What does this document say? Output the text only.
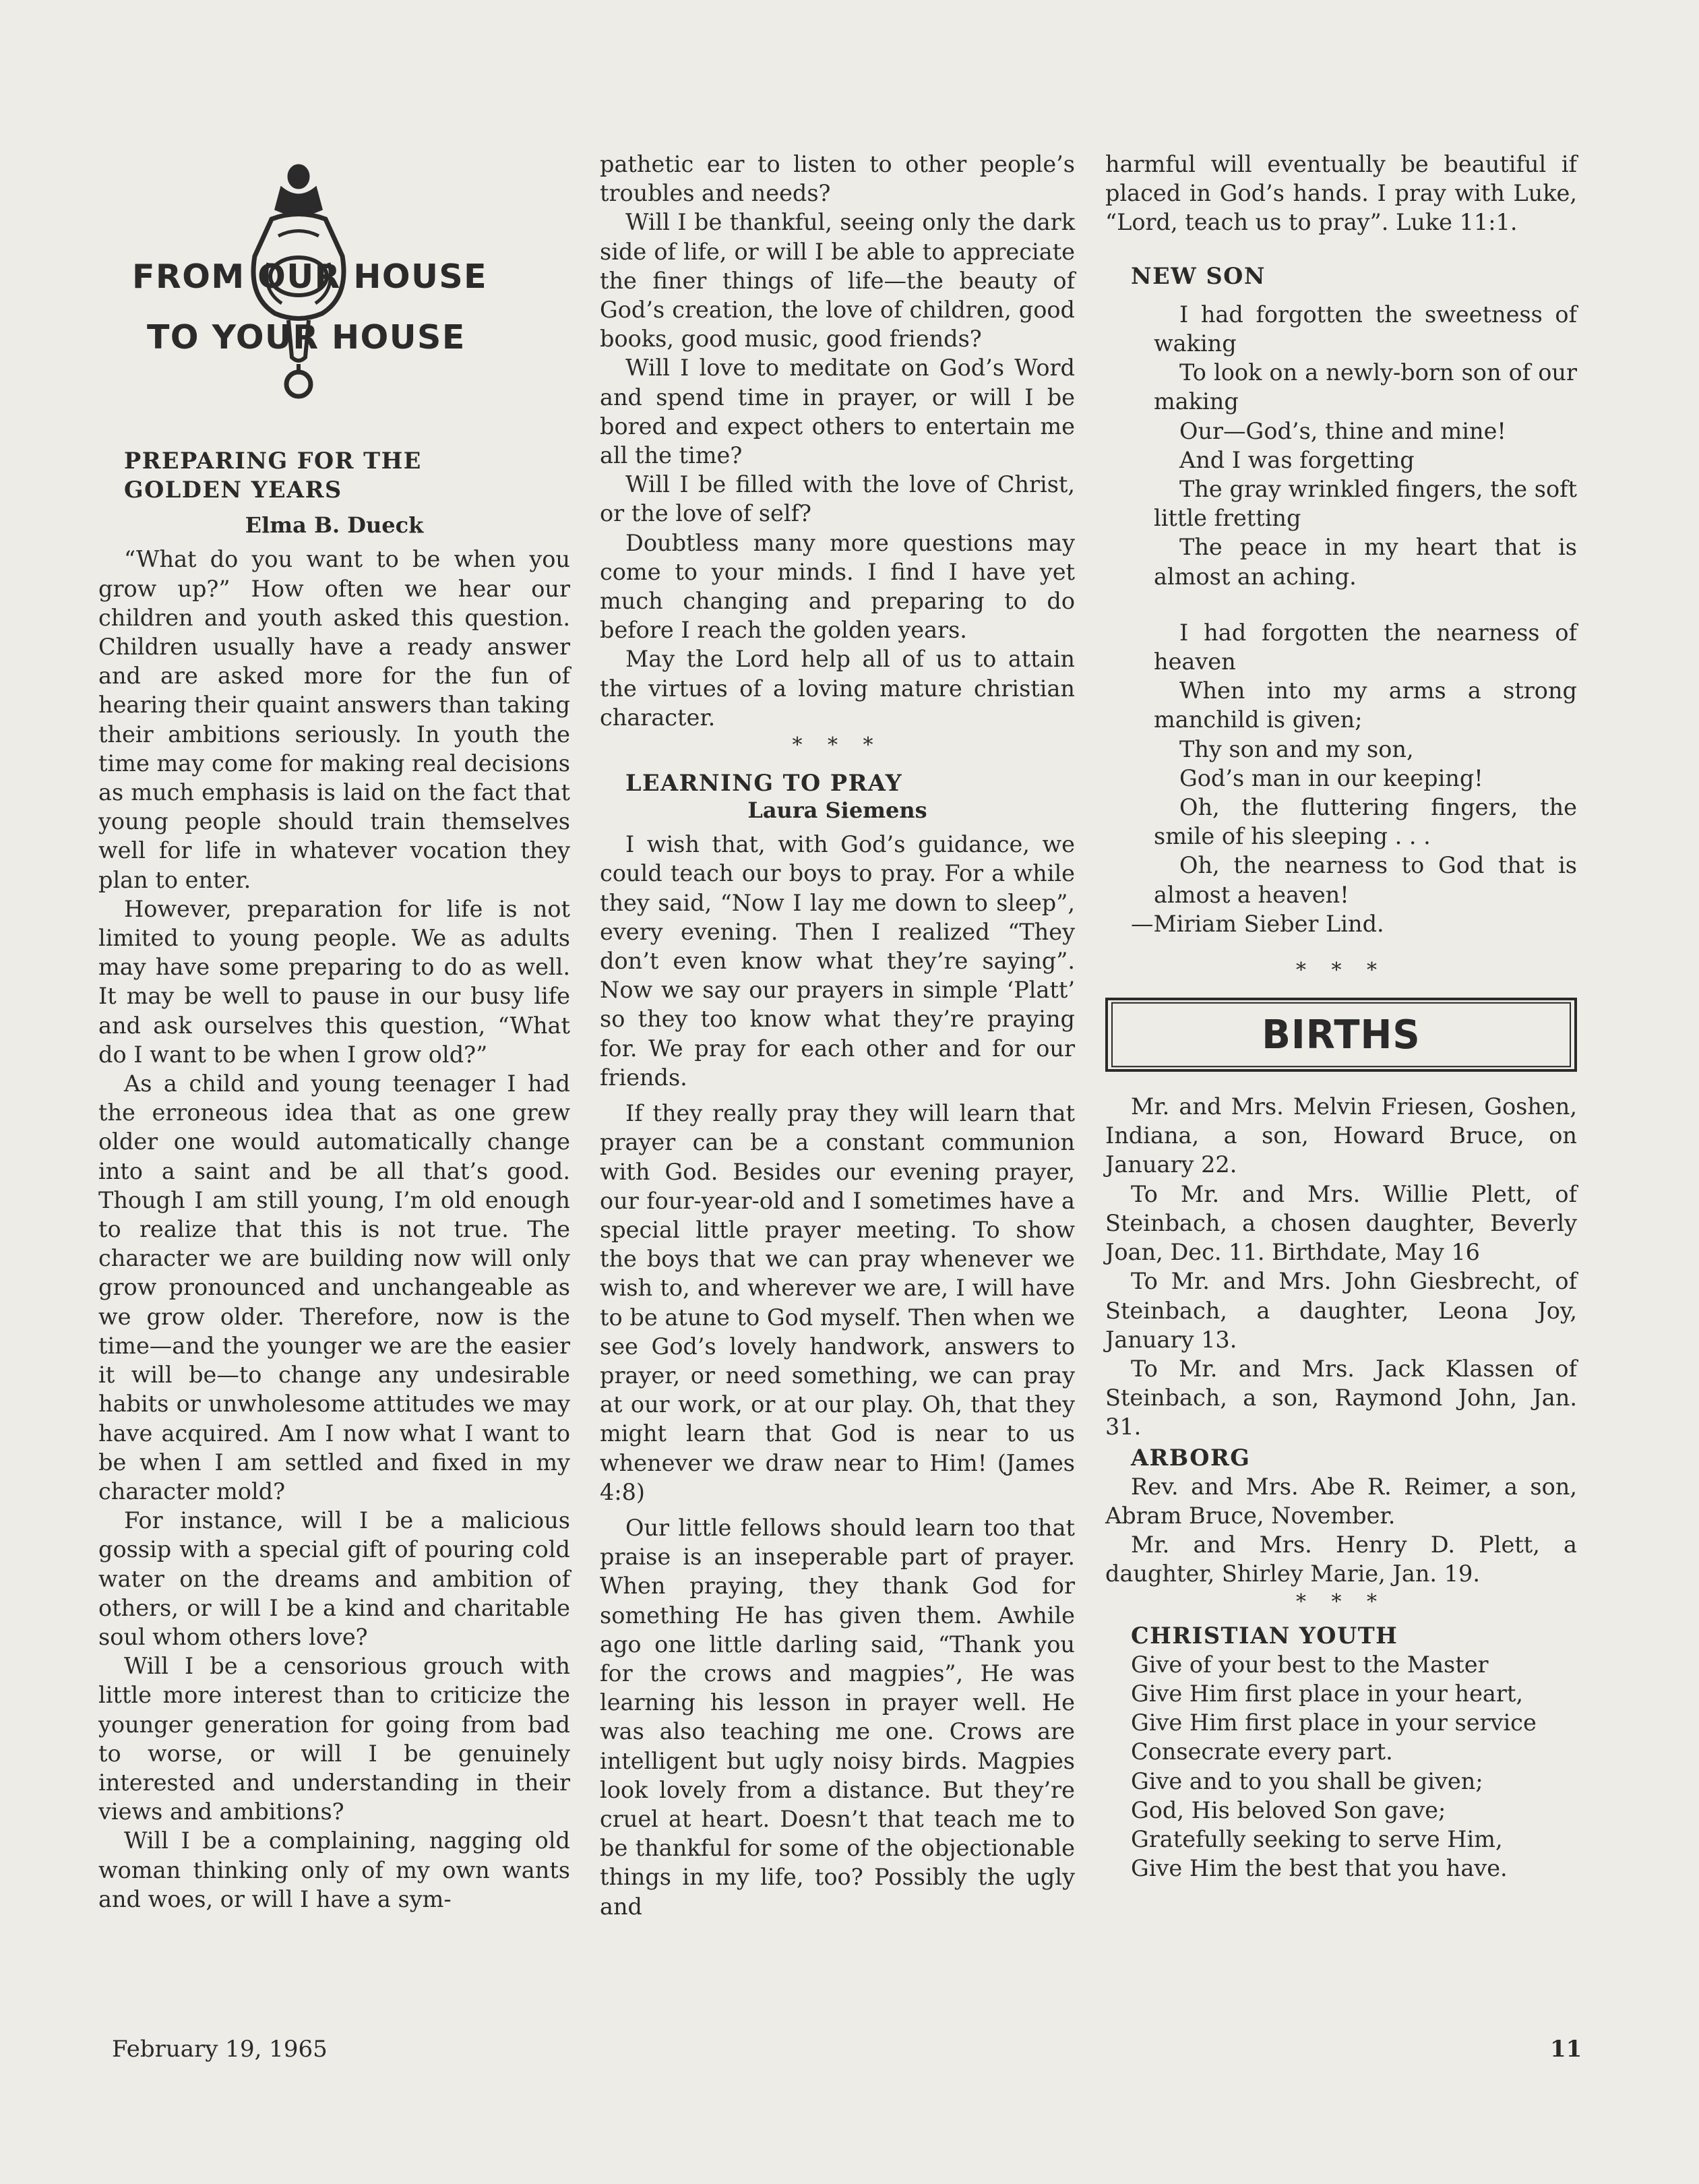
FROM OUR HOUSE
TO YOUR HOUSE

PREPARING FOR THE

GOLDEN YEARS

Elma B. Dueck

“What do you want to be when you grow up?” How often we hear our children and youth asked this question. Children usually have a ready answer and are asked more for the fun of hearing their quaint answers than taking their ambitions seriously. In youth the time may come for making real decisions as much emphasis is laid on the fact that young people should train themselves well for life in whatever vocation they plan to enter.

However, preparation for life is not limited to young people. We as adults may have some preparing to do as well. It may be well to pause in our busy life and ask ourselves this question, “What do I want to be when I grow old?”

As a child and young teenager I had the erroneous idea that as one grew older one would automatically change into a saint and be all that’s good. Though I am still young, I’m old enough to realize that this is not true. The character we are building now will only grow pronounced and unchangeable as we grow older. Therefore, now is the time—and the younger we are the easier it will be—to change any undesirable habits or unwholesome attitudes we may have acquired. Am I now what I want to be when I am settled and fixed in my character mold?

For instance, will I be a malicious gossip with a special gift of pouring cold water on the dreams and ambition of others, or will I be a kind and charitable soul whom others love?

Will I be a censorious grouch with little more interest than to criticize the younger generation for going from bad to worse, or will I be genuinely interested and understanding in their views and ambitions?

Will I be a complaining, nagging old woman thinking only of my own wants and woes, or will I have a sym-

pathetic ear to listen to other people’s troubles and needs?

Will I be thankful, seeing only the dark side of life, or will I be able to appreciate the finer things of life—the beauty of God’s creation, the love of children, good books, good music, good friends?

Will I love to meditate on God’s Word and spend time in prayer, or will I be bored and expect others to entertain me all the time?

Will I be filled with the love of Christ, or the love of self?

Doubtless many more questions may come to your minds. I find I have yet much changing and preparing to do before I reach the golden years.

May the Lord help all of us to attain the virtues of a loving mature christian character.

* * *

LEARNING TO PRAY

Laura Siemens

I wish that, with God’s guidance, we could teach our boys to pray. For a while they said, “Now I lay me down to sleep”, every evening. Then I realized “They don’t even know what they’re saying”. Now we say our prayers in simple ‘Platt’ so they too know what they’re praying for. We pray for each other and for our friends.

If they really pray they will learn that prayer can be a constant communion with God. Besides our evening prayer, our four-year-old and I sometimes have a special little prayer meeting. To show the boys that we can pray whenever we wish to, and wherever we are, I will have to be atune to God myself. Then when we see God’s lovely handwork, answers to prayer, or need something, we can pray at our work, or at our play. Oh, that they might learn that God is near to us whenever we draw near to Him! (James 4:8)

Our little fellows should learn too that praise is an inseperable part of prayer. When praying, they thank God for something He has given them. Awhile ago one little darling said, “Thank you for the crows and magpies”, He was learning his lesson in prayer well. He was also teaching me one. Crows are intelligent but ugly noisy birds. Magpies look lovely from a distance. But they’re cruel at heart. Doesn’t that teach me to be thankful for some of the objectionable things in my life, too? Possibly the ugly and

harmful will eventually be beautiful if placed in God’s hands. I pray with Luke, “Lord, teach us to pray”. Luke 11:1.

NEW SON

I had forgotten the sweetness of waking

To look on a newly-born son of our making

Our—God’s, thine and mine!

And I was forgetting

The gray wrinkled fingers, the soft little fretting

The peace in my heart that is almost an aching.

I had forgotten the nearness of heaven

When into my arms a strong manchild is given;

Thy son and my son,

God’s man in our keeping!

Oh, the fluttering fingers, the smile of his sleeping . . .

Oh, the nearness to God that is almost a heaven!

—Miriam Sieber Lind.

* * *
BIRTHS

Mr. and Mrs. Melvin Friesen, Goshen, Indiana, a son, Howard Bruce, on January 22.

To Mr. and Mrs. Willie Plett, of Steinbach, a chosen daughter, Beverly Joan, Dec. 11. Birthdate, May 16

To Mr. and Mrs. John Giesbrecht, of Steinbach, a daughter, Leona Joy, January 13.

To Mr. and Mrs. Jack Klassen of Steinbach, a son, Raymond John, Jan. 31.

ARBORG

Rev. and Mrs. Abe R. Reimer, a son, Abram Bruce, November.

Mr. and Mrs. Henry D. Plett, a daughter, Shirley Marie, Jan. 19.

* * *

CHRISTIAN YOUTH

Give of your best to the Master

Give Him first place in your heart,

Give Him first place in your service

Consecrate every part.

Give and to you shall be given;

God, His beloved Son gave;

Gratefully seeking to serve Him,

Give Him the best that you have.

February 19, 1965	11
